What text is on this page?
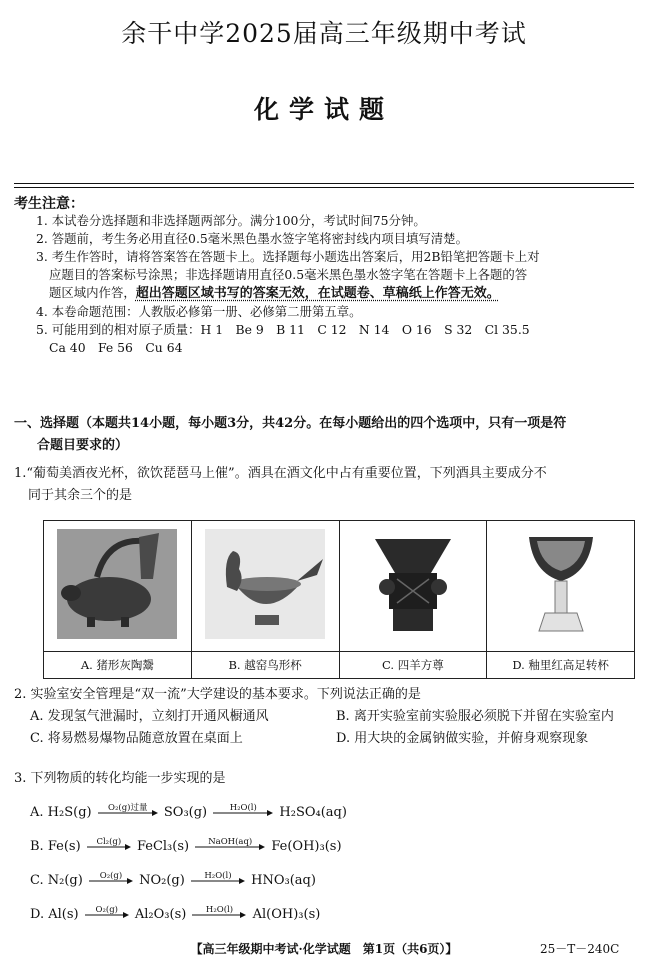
余干中学2025届高三年级期中考试
化学试题
考生注意：
1. 本试卷分选择题和非选择题两部分。满分100分，考试时间75分钟。
2. 答题前，考生务必用直径0.5毫米黑色墨水签字笔将密封线内项目填写清楚。
3. 考生作答时，请将答案答在答题卡上。选择题每小题选出答案后，用2B铅笔把答题卡上对
应题目的答案标号涂黑；非选择题请用直径0.5毫米黑色墨水签字笔在答题卡上各题的答
题区域内作答，超出答题区域书写的答案无效，在试题卷、草稿纸上作答无效。
4. 本卷命题范围：人教版必修第一册、必修第二册第五章。
5. 可能用到的相对原子质量：H 1　Be 9　B 11　C 12　N 14　O 16　S 32　Cl 35.5
Ca 40　Fe 56　Cu 64
一、选择题（本题共14小题，每小题3分，共42分。在每小题给出的四个选项中，只有一项是符
合题目要求的）
1.“葡萄美酒夜光杯，欲饮琵琶马上催”。酒具在酒文化中占有重要位置，下列酒具主要成分不
同于其余三个的是

A. 猪形灰陶鬶	B. 越窑鸟形杯	C. 四羊方尊	D. 釉里红高足转杯
2. 实验室安全管理是“双一流”大学建设的基本要求。下列说法正确的是
A. 发现氢气泄漏时，立刻打开通风橱通风	B. 离开实验室前实验服必须脱下并留在实验室内
C. 将易燃易爆物品随意放置在桌面上	D. 用大块的金属钠做实验，并俯身观察现象
3. 下列物质的转化均能一步实现的是
A. H₂S(g)	O₂(g)过量	SO₃(g)	H₂O(l)	H₂SO₄(aq)
B. Fe(s)	Cl₂(g)	FeCl₃(s)	NaOH(aq)	Fe(OH)₃(s)
C. N₂(g)	O₂(g)	NO₂(g)	H₂O(l)	HNO₃(aq)
D. Al(s)	O₂(g)	Al₂O₃(s)	H₂O(l)	Al(OH)₃(s)
【高三年级期中考试·化学试题　第1页（共6页）】	25－T－240C
